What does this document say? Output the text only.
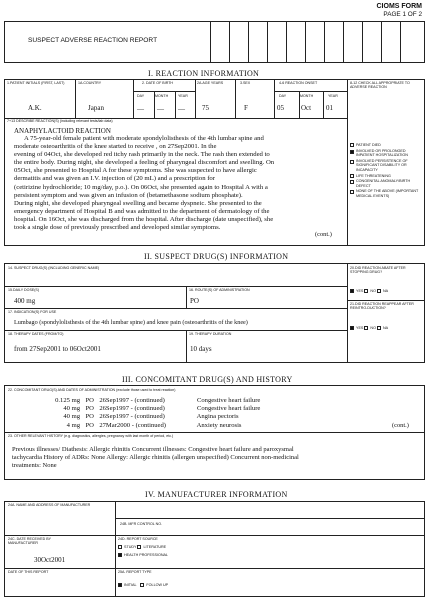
CIOMS FORM
PAGE 1 OF 2
SUSPECT ADVERSE REACTION REPORT
I. REACTION INFORMATION
1.PATIENT INITIALS (FIRST, LAST)
A.K.
1A.COUNTRY
Japan
2. DATE OF BIRTH
DAY	MONTH	YEAR
— — —
2A.AGE YEARS
75
3.SEX
F
4-6 REACTION ONSET
DAY	MONTH	YEAR
05 Oct 01
7+13 DESCRIBE REACTION(S) (including relevant tests/lab data)
ANAPHYLACTOID REACTION
A 75-year-old female patient with moderate spondylolisthesis of the 4th lumbar spine and
moderate osteoarthritis of the knee started to receive , on 27Sep2001. In the
evening of 04Oct, she developed red itchy rash primarily in the neck. The rash then extended to
the entire body. During night, she developed a feeling of pharyngeal discomfort and swelling. On
05Oct, she presented to Hospital A for these symptoms. She was suspected to have allergic
dermatitis and was given an I.V. injection of (20 mL) and a prescription for
(cetirizine hydrochloride; 10 mg/day, p.o.). On 06Oct, she presented again to Hospital A with a
persistent symptom and was given an infusion of (betamethasone sodium phosphate).
During night, she developed pharyngeal swelling and became dyspneic. She presented to the
emergency department of Hospital B and was admitted to the department of dermatology of the
hospital. On 16Oct, she was discharged from the hospital. After discharge (date unspecified), she
took a single dose of previously prescribed and developed similar symptoms.
(cont.)
8-12 CHECK ALL APPROPRIATE TO ADVERSE REACTION
PATIENT DIED
INVOLVED OR PROLONGED INPATIENT HOSPITALIZATION
INVOLVED PERSISTENCE OF SIGNIFICANT DISABILITY OR INCAPACITY
LIFE THREATENING
CONGENITAL ANOMALY/BIRTH DEFECT
NONE OF THE ABOVE (IMPORTANT MEDICAL EVENTS)
II. SUSPECT DRUG(S) INFORMATION
14. SUSPECT DRUG(S) (INCLUDING GENERIC NAME)
15.DAILY DOSE(S)
400 mg
16. ROUTE(S) OF ADMINISTRATION
PO
17. INDICATION(S) FOR USE
Lumbago (spondylolisthesis of the 4th lumbar spine) and knee pain (osteoarthritis of the knee)
18. THERAPY DATES (FROM/TO)
from 27Sep2001 to 06Oct2001
19. THERAPY DURATION
10 days
20.DID REACTION ABATE AFTER STOPPING DRUG?
YES NO NA
21.DID REACTION REAPPEAR AFTER REINTRO-DUCTION?
YES NO NA
III. CONCOMITANT DRUG(S) AND HISTORY
22. CONCOMITANT DRUG(S) AND DATES OF ADMINISTRATION (exclude those used to treat reaction)
0.125 mg PO 26Sep1997 - (continued)	Congestive heart failure
40 mg PO 26Sep1997 - (continued)	Congestive heart failure
40 mg PO 26Sep1997 - (continued)	Angina pectoris
4 mg PO 27Mar2000 - (continued)	Anxiety neurosis	(cont.)
23. OTHER RELEVANT HISTORY (e.g. diagnostics, allergies, pregnancy with last month of period, etc.)
Previous illnesses/ Diathesis: Allergic rhinitis Concurrent illnesses: Congestive heart failure and paroxysmal
tachycardia History of ADRs: None Allergy: Allergic rhinitis (allergen unspecified) Concurrent non-medicinal
treatments: None
IV. MANUFACTURER INFORMATION
24A. NAME AND ADDRESS OF MANUFACTURER
24B. MFR CONTROL NO.
24C. DATE RECEIVED BY MANUFACTURER
30Oct2001
24D. REPORT SOURCE
STUDY LITERATURE
HEALTH PROFESSIONAL
DATE OF THIS REPORT	25A. REPORT TYPE
INITIAL	FOLLOW UP
